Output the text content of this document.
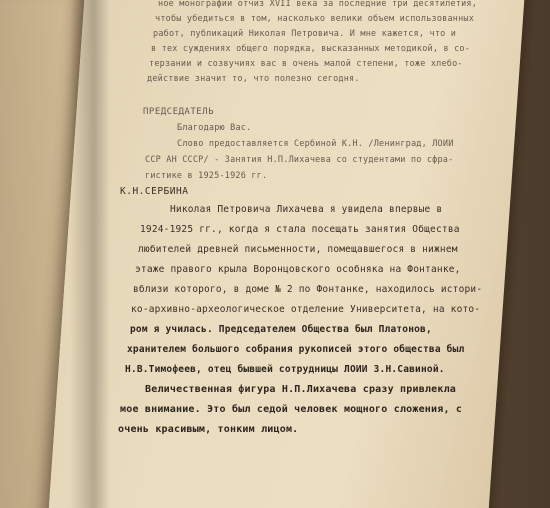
ное монографии отчиз XVII века за последние три десятилетия,
чтобы убедиться в том, насколько велики объем использованных
работ, публикаций Николая Петровича. И мне кажется, что и
в тех суждениях общего порядка, высказанных методикой, в со-
терзании и созвучиях вас в очень малой степени, тоже хлебо-
действие значит то, что полезно сегодня.
ПРЕДСЕДАТЕЛЬ
Благодарю Вас.
Слово предоставляется Сербиной К.Н. /Ленинград, ЛОИИ
ССР АН СССР/ - Занятия Н.П.Лихачева со студентами по сфра-
гистике в 1925-1926 гг.
К.Н.СЕРБИНА
Николая Петровича Лихачева я увидела впервые в
1924-1925 гг., когда я стала посещать занятия Общества
любителей древней письменности, помещавшегося в нижнем
этаже правого крыла Воронцовского особняка на Фонтанке,
вблизи которого, в доме № 2 по Фонтанке, находилось истори-
ко-архивно-археологическое отделение Университета, на кото-
ром я училась. Председателем Общества был Платонов,
хранителем большого собрания рукописей этого общества был
Н.В.Тимофеев, отец бывшей сотрудницы ЛОИИ З.Н.Савиной.
Величественная фигура Н.П.Лихачева сразу привлекла
мое внимание. Это был седой человек мощного сложения, с
очень красивым, тонким лицом.
